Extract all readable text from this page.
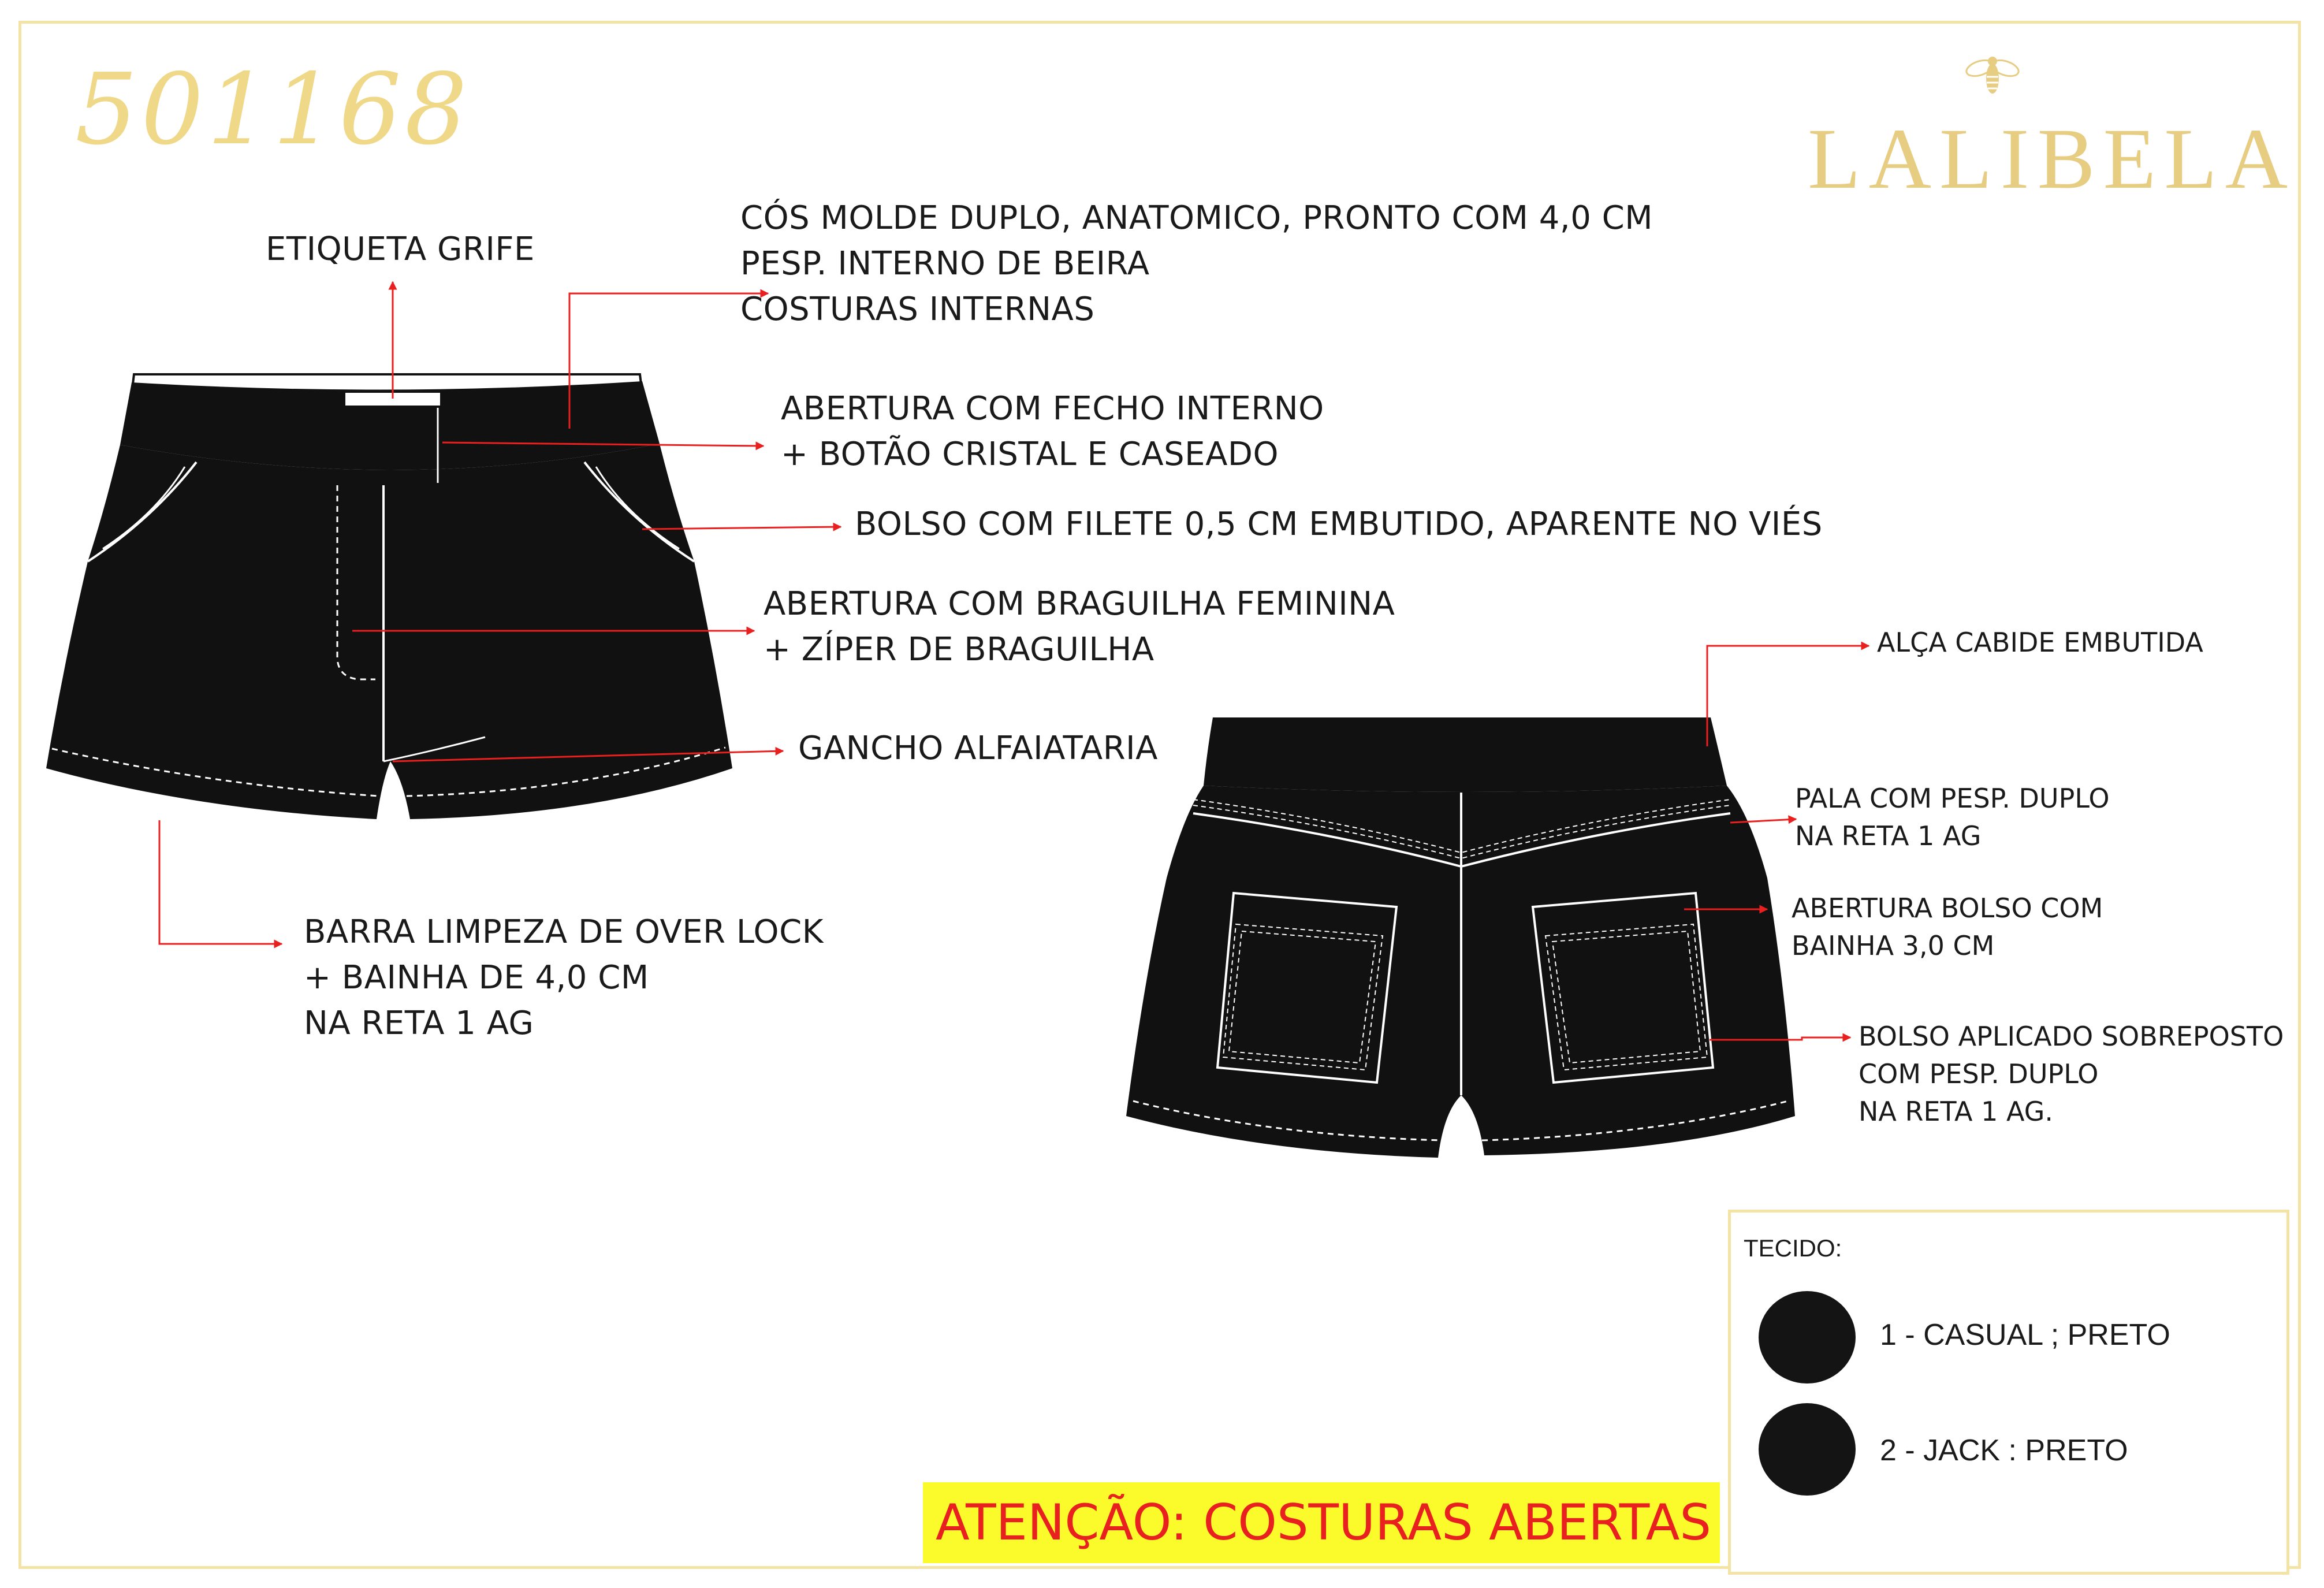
501168	LALIBELA
ETIQUETA GRIFE
CÓS MOLDE DUPLO, ANATOMICO, PRONTO COM 4,0 CM
PESP. INTERNO DE BEIRA
COSTURAS INTERNAS
ABERTURA COM FECHO INTERNO
+ BOTÃO CRISTAL E CASEADO
BOLSO COM FILETE 0,5 CM EMBUTIDO, APARENTE NO VIÉS
ABERTURA COM BRAGUILHA FEMININA
+ ZÍPER DE BRAGUILHA
GANCHO ALFAIATARIA
BARRA LIMPEZA DE OVER LOCK
+ BAINHA DE 4,0 CM
NA RETA 1 AG
ALÇA CABIDE EMBUTIDA
PALA COM PESP. DUPLO
NA RETA 1 AG
ABERTURA BOLSO COM
BAINHA 3,0 CM
BOLSO APLICADO SOBREPOSTO
COM PESP. DUPLO
NA RETA 1 AG.
TECIDO:
1 - CASUAL ; PRETO
2 - JACK : PRETO
ATENÇÃO: COSTURAS ABERTAS
